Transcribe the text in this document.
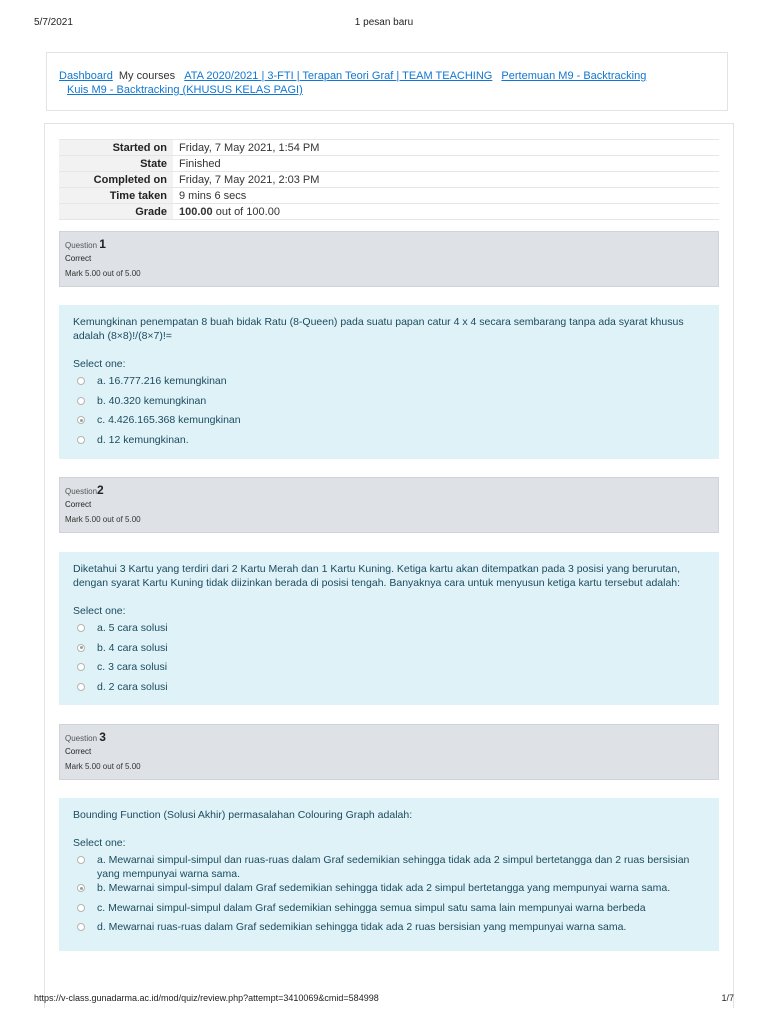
5/7/2021	1 pesan baru
Dashboard My courses ATA 2020/2021 | 3-FTI | Terapan Teori Graf | TEAM TEACHING Pertemuan M9 - Backtracking
Kuis M9 - Backtracking (KHUSUS KELAS PAGI)
Started on	Friday, 7 May 2021, 1:54 PM
State	Finished
Completed on	Friday, 7 May 2021, 2:03 PM
Time taken	9 mins 6 secs
Grade	100.00 out of 100.00
Question 1
Correct
Mark 5.00 out of 5.00
Kemungkinan penempatan 8 buah bidak Ratu (8-Queen) pada suatu papan catur 4 x 4 secara sembarang tanpa ada syarat khusus adalah (8×8)!/(8×7)!=
Select one:
a. 16.777.216 kemungkinan
b. 40.320 kemungkinan
c. 4.426.165.368 kemungkinan
d. 12 kemungkinan.
Question2
Correct
Mark 5.00 out of 5.00
Diketahui 3 Kartu yang terdiri dari 2 Kartu Merah dan 1 Kartu Kuning. Ketiga kartu akan ditempatkan pada 3 posisi yang berurutan, dengan syarat Kartu Kuning tidak diizinkan berada di posisi tengah. Banyaknya cara untuk menyusun ketiga kartu tersebut adalah:
Select one:
a. 5 cara solusi
b. 4 cara solusi
c. 3 cara solusi
d. 2 cara solusi
Question 3
Correct
Mark 5.00 out of 5.00
Bounding Function (Solusi Akhir) permasalahan Colouring Graph adalah:
Select one:
a. Mewarnai simpul-simpul dan ruas-ruas dalam Graf sedemikian sehingga tidak ada 2 simpul bertetangga dan 2 ruas bersisian yang mempunyai warna sama.
b. Mewarnai simpul-simpul dalam Graf sedemikian sehingga tidak ada 2 simpul bertetangga yang mempunyai warna sama.
c. Mewarnai simpul-simpul dalam Graf sedemikian sehingga semua simpul satu sama lain mempunyai warna berbeda
d. Mewarnai ruas-ruas dalam Graf sedemikian sehingga tidak ada 2 ruas bersisian yang mempunyai warna sama.
https://v-class.gunadarma.ac.id/mod/quiz/review.php?attempt=3410069&cmid=584998	1/7
